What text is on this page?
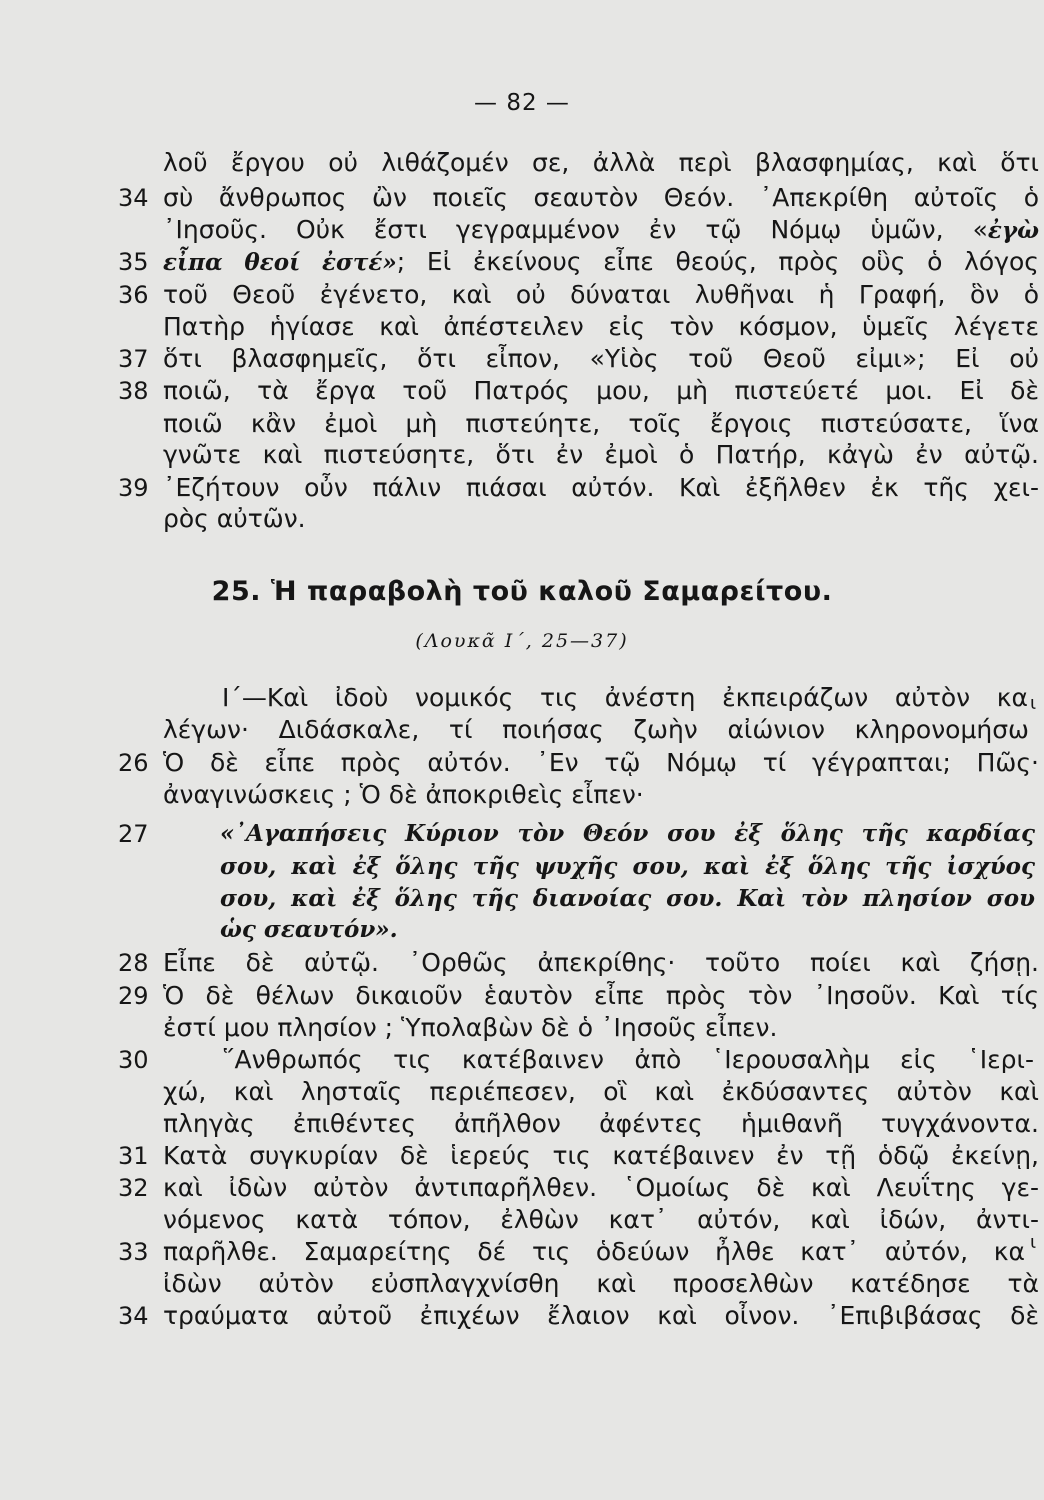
— 82 —
λοῦ ἔργου οὐ λιθάζομέν σε, ἀλλὰ περὶ βλασφημίας, καὶ ὅτι
34 σὺ ἄνθρωπος ὢν ποιεῖς σεαυτὸν Θεόν. ᾿Απεκρίθη αὐτοῖς ὁ
᾿Ιησοῦς. Οὐκ ἔστι γεγραμμένον ἐν τῷ Νόμῳ ὑμῶν, «ἐγὼ
35 εἶπα θεοί ἐστέ»; Εἰ ἐκείνους εἶπε θεούς, πρὸς οὓς ὁ λόγος
36 τοῦ Θεοῦ ἐγένετο, καὶ οὐ δύναται λυθῆναι ἡ Γραφή, ὃν ὁ
Πατὴρ ἡγίασε καὶ ἀπέστειλεν εἰς τὸν κόσμον, ὑμεῖς λέγετε
37 ὅτι βλασφημεῖς, ὅτι εἶπον, «Υἱὸς τοῦ Θεοῦ εἰμι»; Εἰ οὐ
38 ποιῶ, τὰ ἔργα τοῦ Πατρός μου, μὴ πιστεύετέ μοι. Εἰ δὲ
ποιῶ κἂν ἐμοὶ μὴ πιστεύητε, τοῖς ἔργοις πιστεύσατε, ἵνα
γνῶτε καὶ πιστεύσητε, ὅτι ἐν ἐμοὶ ὁ Πατήρ, κἀγὼ ἐν αὐτῷ.
39 ᾿Εζήτουν οὖν πάλιν πιάσαι αὐτόν. Καὶ ἐξῆλθεν ἐκ τῆς χει-
ρὸς αὐτῶν.
25. Ἡ παραβολὴ τοῦ καλοῦ Σαμαρείτου.
(Λουκᾶ Ι΄, 25—37)
Ι΄—Καὶ ἰδοὺ νομικός τις ἀνέστη ἐκπειράζων αὐτὸν κα ι
λέγων· Διδάσκαλε, τί ποιήσας ζωὴν αἰώνιον κληρονομήσω
26 Ὁ δὲ εἶπε πρὸς αὐτόν. ᾿Εν τῷ Νόμῳ τί γέγραπται; Πῶς·
ἀναγινώσκεις ; Ὁ δὲ ἀποκριθεὶς εἶπεν·
27	«᾿Αγαπήσεις Κύριον τὸν Θεόν σου ἐξ ὅλης τῆς καρδίας
σου, καὶ ἐξ ὅλης τῆς ψυχῆς σου, καὶ ἐξ ὅλης τῆς ἰσχύος
σου, καὶ ἐξ ὅλης τῆς διανοίας σου. Καὶ τὸν πλησίον σου
ὡς σεαυτόν».
28 Εἶπε δὲ αὐτῷ. ᾿Ορθῶς ἀπεκρίθης· τοῦτο ποίει καὶ ζήσῃ.
29 Ὁ δὲ θέλων δικαιοῦν ἑαυτὸν εἶπε πρὸς τὸν ᾿Ιησοῦν. Καὶ τίς
ἐστί μου πλησίον ; Ὑπολαβὼν δὲ ὁ ᾿Ιησοῦς εἶπεν.
30	῞Ανθρωπός τις κατέβαινεν ἀπὸ ῾Ιερουσαλὴμ εἰς ῾Ιερι-
χώ, καὶ λησταῖς περιέπεσεν, οἳ καὶ ἐκδύσαντες αὐτὸν καὶ
πληγὰς ἐπιθέντες ἀπῆλθον ἀφέντες ἡμιθανῆ τυγχάνοντα.
31 Κατὰ συγκυρίαν δὲ ἱερεύς τις κατέβαινεν ἐν τῇ ὁδῷ ἐκείνῃ,
32 καὶ ἰδὼν αὐτὸν ἀντιπαρῆλθεν. ῾Ομοίως δὲ καὶ Λευΐτης γε-
νόμενος κατὰ τόπον, ἐλθὼν κατ᾿ αὐτόν, καὶ ἰδών, ἀντι-
33 παρῆλθε. Σαμαρείτης δέ τις ὁδεύων ἦλθε κατ᾿ αὐτόν, κα ι
ἰδὼν αὐτὸν εὐσπλαγχνίσθη καὶ προσελθὼν κατέδησε τὰ
34 τραύματα αὐτοῦ ἐπιχέων ἔλαιον καὶ οἶνον. ᾿Επιβιβάσας δὲ
